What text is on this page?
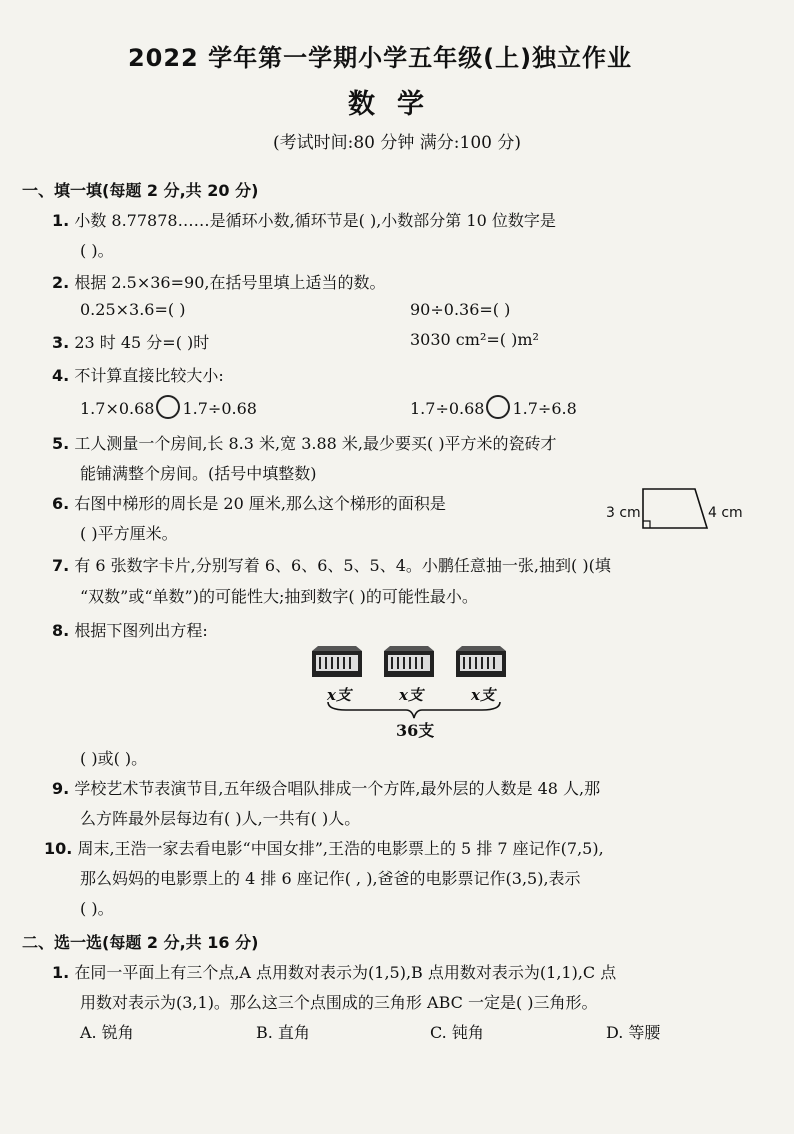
2022 学年第一学期小学五年级(上)独立作业
数学
(考试时间:80 分钟 满分:100 分)
一、填一填(每题 2 分,共 20 分)
1. 小数 8.77878……是循环小数,循环节是( ),小数部分第 10 位数字是
( )。
2. 根据 2.5×36=90,在括号里填上适当的数。
0.25×3.6=( )	90÷0.36=( )
3. 23 时 45 分=( )时	3030 cm²=( )m²
4. 不计算直接比较大小:
1.7×0.68 1.7÷0.68	1.7÷0.68 1.7÷6.8
5. 工人测量一个房间,长 8.3 米,宽 3.88 米,最少要买( )平方米的瓷砖才
能铺满整个房间。(括号中填整数)
6. 右图中梯形的周长是 20 厘米,那么这个梯形的面积是
( )平方厘米。
3 cm	4 cm
7. 有 6 张数字卡片,分别写着 6、6、6、5、5、4。小鹏任意抽一张,抽到( )(填
“双数”或“单数”)的可能性大;抽到数字( )的可能性最小。
8. 根据下图列出方程:
x支	x支	x支
36支
( )或( )。
9. 学校艺术节表演节目,五年级合唱队排成一个方阵,最外层的人数是 48 人,那
么方阵最外层每边有( )人,一共有( )人。
10. 周末,王浩一家去看电影“中国女排”,王浩的电影票上的 5 排 7 座记作(7,5),
那么妈妈的电影票上的 4 排 6 座记作( , ),爸爸的电影票记作(3,5),表示
( )。
二、选一选(每题 2 分,共 16 分)
1. 在同一平面上有三个点,A 点用数对表示为(1,5),B 点用数对表示为(1,1),C 点
用数对表示为(3,1)。那么这三个点围成的三角形 ABC 一定是( )三角形。
A. 锐角	B. 直角	C. 钝角	D. 等腰
